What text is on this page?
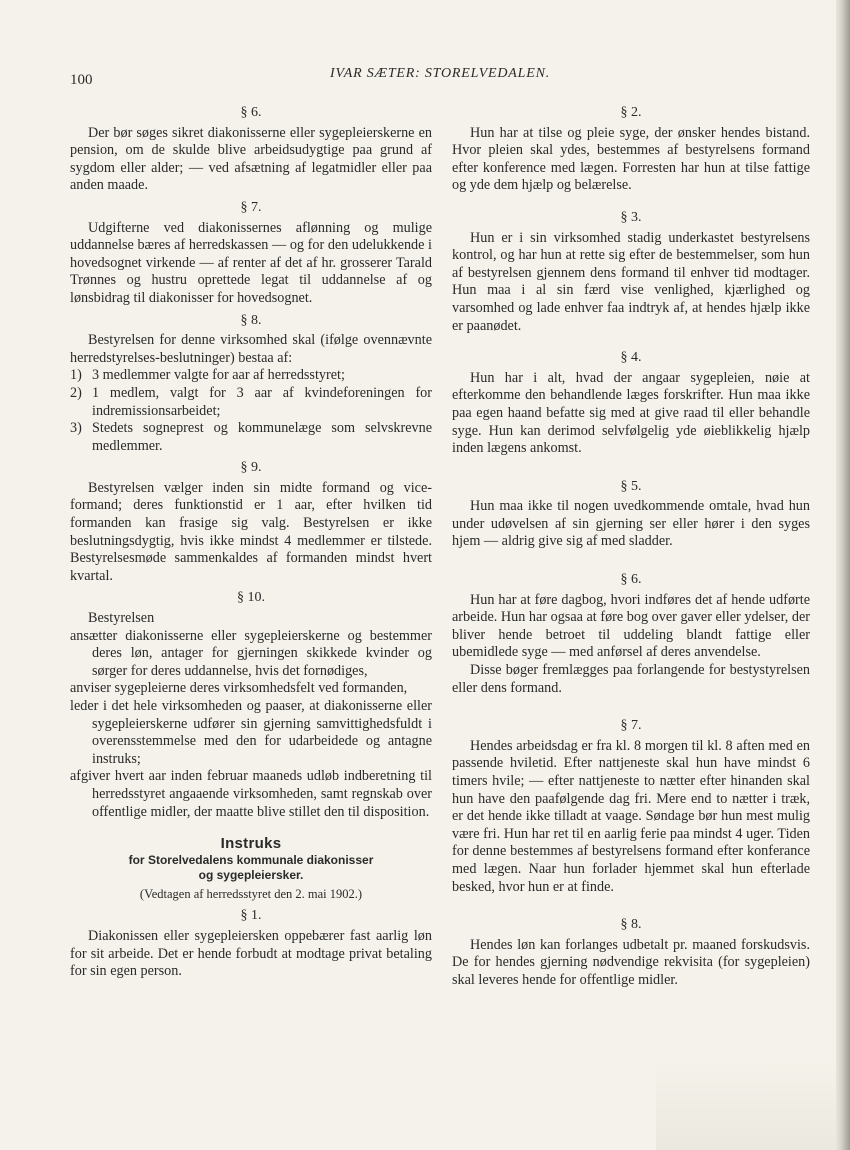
100	IVAR SÆTER: STORELVEDALEN.
§ 6.

Der bør søges sikret diakonisserne eller sygepleierskerne en pension, om de skulde blive arbeidsudygtige paa grund af sygdom eller alder; — ved afsætning af legatmidler eller paa anden maade.

§ 7.

Udgifterne ved diakonissernes aflønning og mulige uddannelse bæres af herredskassen — og for den udelukkende i hovedsognet virkende — af renter af det af hr. grosserer Tarald Trønnes og hustru oprettede legat til uddannelse af og lønsbidrag til diakonisser for hovedsognet.

§ 8.

Bestyrelsen for denne virksomhed skal (ifølge ovennævnte herredstyrelses-beslutninger) bestaa af:

1) 3 medlemmer valgte for aar af herredsstyret;
2) 1 medlem, valgt for 3 aar af kvindeforeningen for indremissionsarbeidet;
3) Stedets sogneprest og kommunelæge som selvskrevne medlemmer.
§ 9.

Bestyrelsen vælger inden sin midte formand og viceformand; deres funktionstid er 1 aar, efter hvilken tid formanden kan frasige sig valg. Bestyrelsen er ikke beslutningsdygtig, hvis ikke mindst 4 medlemmer er tilstede. Bestyrelsesmøde sammenkaldes af formanden mindst hvert kvartal.

§ 10.

Bestyrelsen

ansætter diakonisserne eller sygepleierskerne og bestemmer deres løn, antager for gjerningen skikkede kvinder og sørger for deres uddannelse, hvis det fornødiges,

anviser sygepleierne deres virksomhedsfelt ved formanden,

leder i det hele virksomheden og paaser, at diakonisserne eller sygepleierskerne udfører sin gjerning samvittighedsfuldt i overensstemmelse med den for udarbeidede og antagne instruks;

afgiver hvert aar inden februar maaneds udløb indberetning til herredsstyret angaaende virksomheden, samt regnskab over offentlige midler, der maatte blive stillet den til disposition.

Instruks
for Storelvedalens kommunale diakonisser
og sygepleiersker.
(Vedtagen af herredsstyret den 2. mai 1902.)
§ 1.

Diakonissen eller sygepleiersken oppebærer fast aarlig løn for sit arbeide. Det er hende forbudt at modtage privat betaling for sin egen person.

§ 2.

Hun har at tilse og pleie syge, der ønsker hendes bistand. Hvor pleien skal ydes, bestemmes af bestyrelsens formand efter konference med lægen. Forresten har hun at tilse fattige og yde dem hjælp og belærelse.

§ 3.

Hun er i sin virksomhed stadig underkastet bestyrelsens kontrol, og har hun at rette sig efter de bestemmelser, som hun af bestyrelsen gjennem dens formand til enhver tid modtager. Hun maa i al sin færd vise venlighed, kjærlighed og varsomhed og lade enhver faa indtryk af, at hendes hjælp ikke er paanødet.

§ 4.

Hun har i alt, hvad der angaar sygepleien, nøie at efterkomme den behandlende læges forskrifter. Hun maa ikke paa egen haand befatte sig med at give raad til eller behandle syge. Hun kan derimod selvfølgelig yde øieblikkelig hjælp inden lægens ankomst.

§ 5.

Hun maa ikke til nogen uvedkommende omtale, hvad hun under udøvelsen af sin gjerning ser eller hører i den syges hjem — aldrig give sig af med sladder.

§ 6.

Hun har at føre dagbog, hvori indføres det af hende udførte arbeide. Hun har ogsaa at føre bog over gaver eller ydelser, der bliver hende betroet til uddeling blandt fattige eller ubemidlede syge — med anførsel af deres anvendelse.

Disse bøger fremlægges paa forlangende for bestystyrelsen eller dens formand.

§ 7.

Hendes arbeidsdag er fra kl. 8 morgen til kl. 8 aften med en passende hviletid. Efter nattjeneste skal hun have mindst 6 timers hvile; — efter nattjeneste to nætter efter hinanden skal hun have den paafølgende dag fri. Mere end to nætter i træk, er det hende ikke tilladt at vaage. Søndage bør hun mest mulig være fri. Hun har ret til en aarlig ferie paa mindst 4 uger. Tiden for denne bestemmes af bestyrelsens formand efter konferance med lægen. Naar hun forlader hjemmet skal hun efterlade besked, hvor hun er at finde.

§ 8.

Hendes løn kan forlanges udbetalt pr. maaned forskudsvis. De for hendes gjerning nødvendige rekvisita (for sygepleien) skal leveres hende for offentlige midler.
